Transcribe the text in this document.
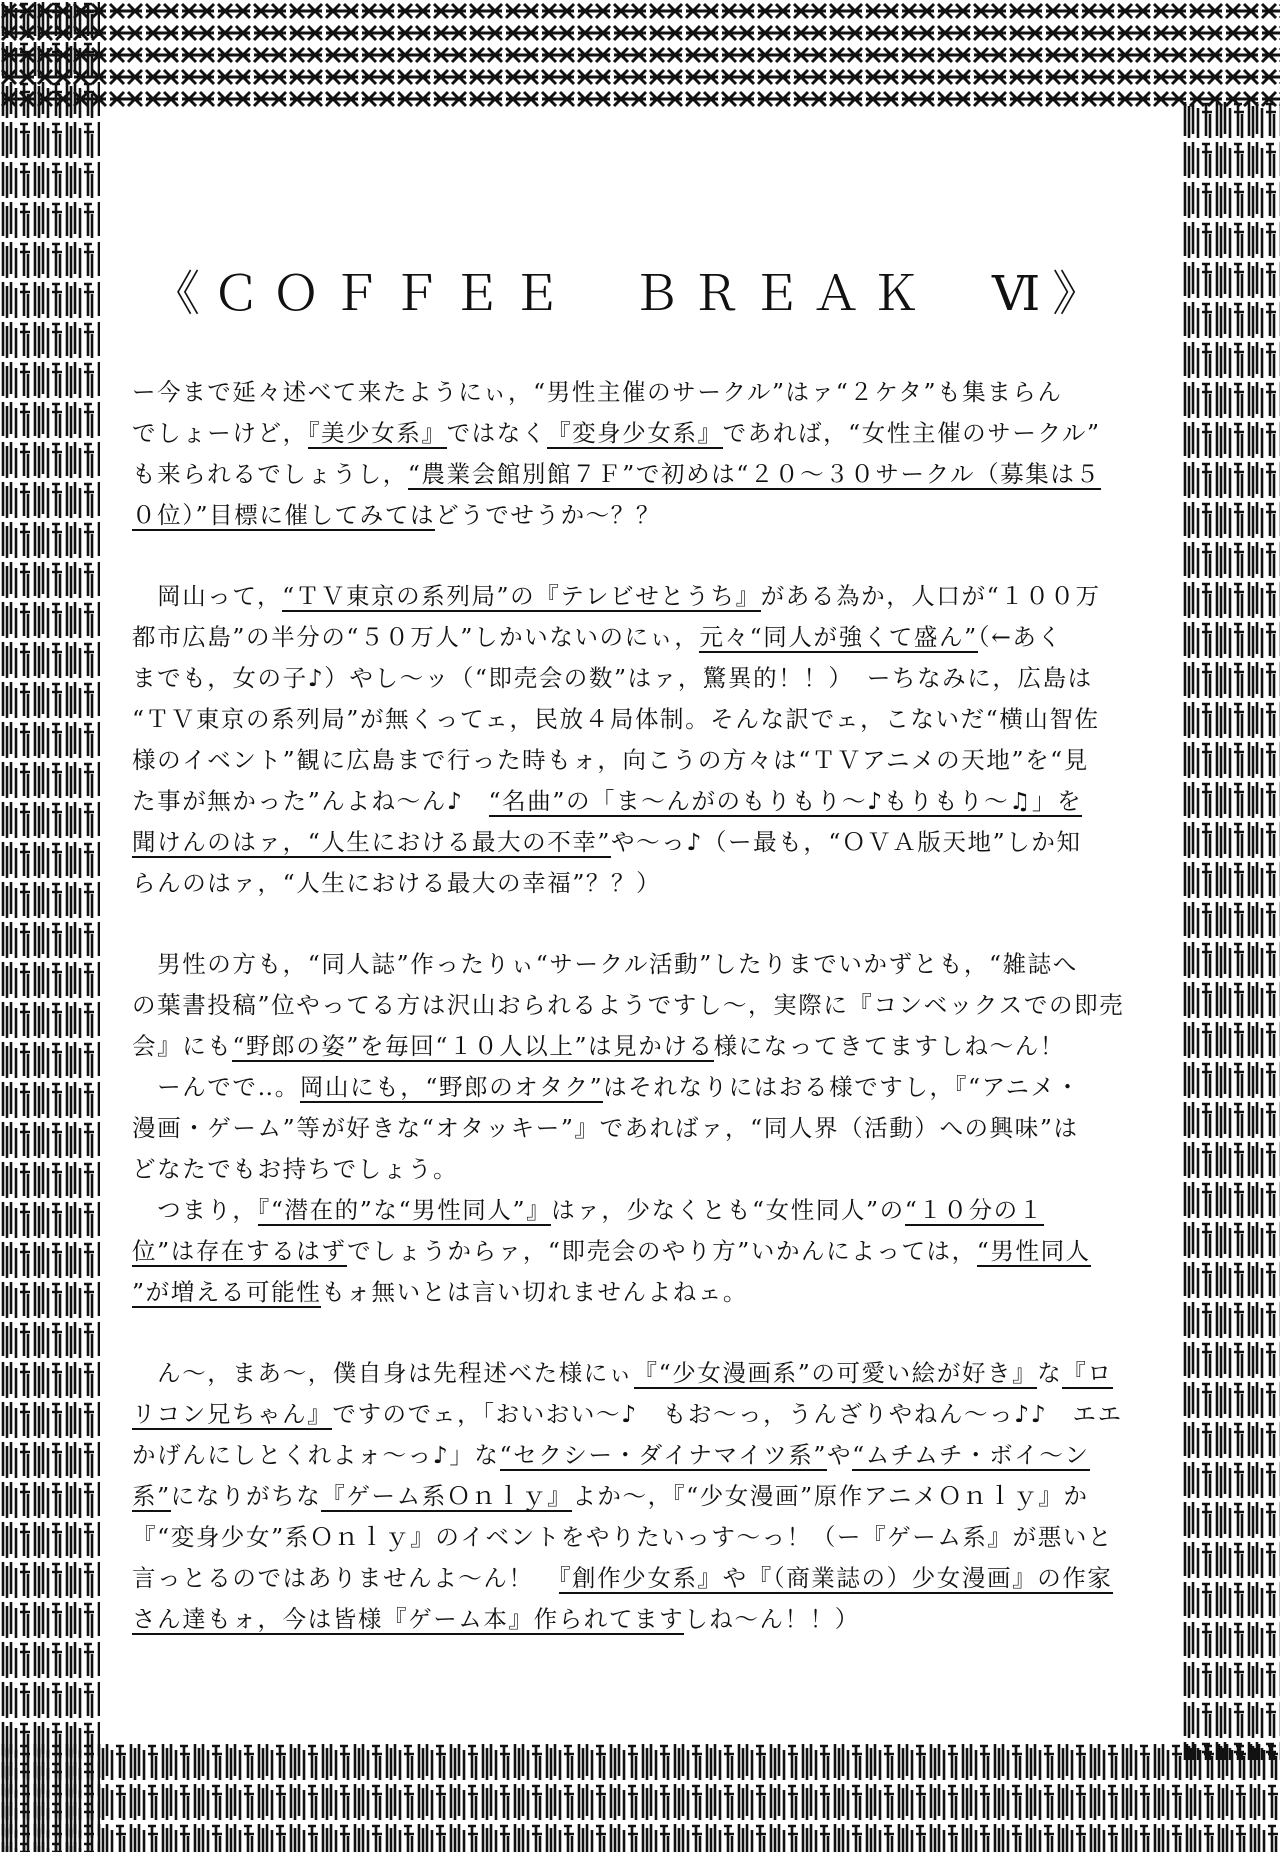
《ＣＯＦＦＥＥ　ＢＲＥＡＫ　Ⅵ》
ー今まで延々述べて来たようにぃ，“男性主催のサークル”はァ“２ケタ”も集まらん
でしょーけど，『美少女系』ではなく『変身少女系』であれば，“女性主催のサークル”
も来られるでしょうし，“農業会館別館７Ｆ”で初めは“２０〜３０サークル（募集は５
０位）”目標に催してみてはどうでせうか〜？？
　岡山って，“ＴＶ東京の系列局”の『テレビせとうち』がある為か，人口が“１００万
都市広島”の半分の“５０万人”しかいないのにぃ，元々“同人が強くて盛ん”（←あく
までも，女の子♪）やし〜ッ（“即売会の数”はァ，驚異的！！）　ーちなみに，広島は
“ＴＶ東京の系列局”が無くってェ，民放４局体制。そんな訳でェ，こないだ“横山智佐
様のイベント”観に広島まで行った時もォ，向こうの方々は“ＴＶアニメの天地”を“見
た事が無かった”んよね〜ん♪　“名曲”の「ま〜んがのもりもり〜♪もりもり〜♫」を
聞けんのはァ，“人生における最大の不幸”や〜っ♪（ー最も，“ＯＶＡ版天地”しか知
らんのはァ，“人生における最大の幸福”？？）
　男性の方も，“同人誌”作ったりぃ“サークル活動”したりまでいかずとも，“雑誌へ
の葉書投稿”位やってる方は沢山おられるようですし〜，実際に『コンベックスでの即売
会』にも“野郎の姿”を毎回“１０人以上”は見かける様になってきてますしね〜ん！
　ーんでで‥。岡山にも，“野郎のオタク”はそれなりにはおる様ですし，『“アニメ・
漫画・ゲーム”等が好きな“オタッキー”』であればァ，“同人界（活動）への興味”は
どなたでもお持ちでしょう。
　つまり，『“潜在的”な“男性同人”』はァ，少なくとも“女性同人”の“１０分の１
位”は存在するはずでしょうからァ，“即売会のやり方”いかんによっては，“男性同人
”が増える可能性もォ無いとは言い切れませんよねェ。
　ん〜，まあ〜，僕自身は先程述べた様にぃ『“少女漫画系”の可愛い絵が好き』な『ロ
リコン兄ちゃん』ですのでェ，「おいおい〜♪　もお〜っ，うんざりやねん〜っ♪♪　エエ
かげんにしとくれよォ〜っ♪」な“セクシー・ダイナマイツ系”や“ムチムチ・ボイ〜ン
系”になりがちな『ゲーム系Ｏｎｌｙ』よか〜，『“少女漫画”原作アニメＯｎｌｙ』か
『“変身少女”系Ｏｎｌｙ』のイベントをやりたいっす〜っ！（ー『ゲーム系』が悪いと
言っとるのではありませんよ〜ん！　『創作少女系』や『（商業誌の）少女漫画』の作家
さん達もォ，今は皆様『ゲーム本』作られてますしね〜ん！！）
